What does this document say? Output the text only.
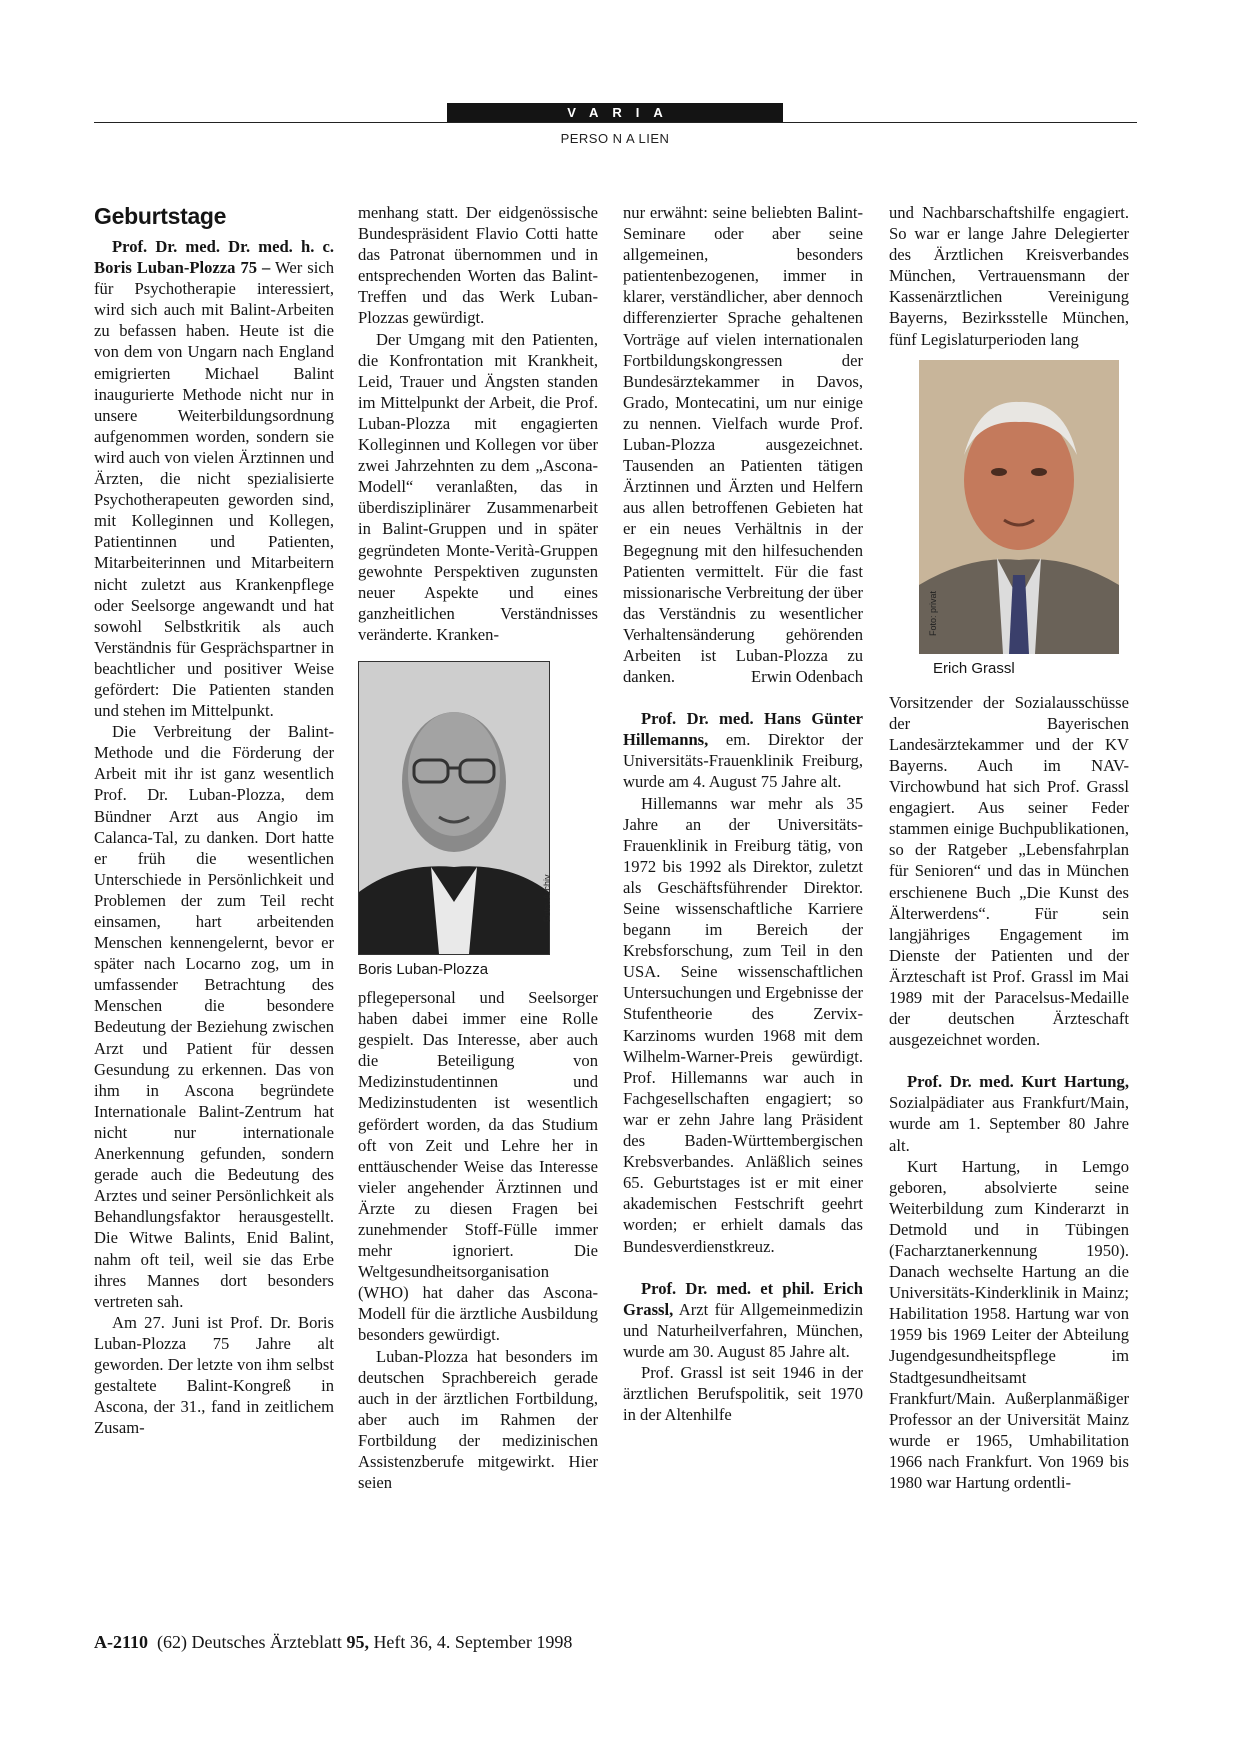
VARIA
PERSO N A LIEN
Geburtstage

Prof. Dr. med. Dr. med. h. c. Boris Luban-Plozza 75 – Wer sich für Psychotherapie interessiert, wird sich auch mit Balint-Arbeiten zu befassen haben. Heute ist die von dem von Ungarn nach England emigrierten Michael Balint inaugurierte Methode nicht nur in unsere Weiterbildungsordnung aufgenommen worden, sondern sie wird auch von vielen Ärztinnen und Ärzten, die nicht spezialisierte Psychotherapeuten geworden sind, mit Kolleginnen und Kollegen, Patientinnen und Patienten, Mitarbeiterinnen und Mitarbeitern nicht zuletzt aus Krankenpflege oder Seelsorge angewandt und hat sowohl Selbstkritik als auch Verständnis für Gesprächspartner in beachtlicher und positiver Weise gefördert: Die Patienten standen und stehen im Mittelpunkt.

Die Verbreitung der Balint-Methode und die Förderung der Arbeit mit ihr ist ganz wesentlich Prof. Dr. Luban-Plozza, dem Bündner Arzt aus Angio im Calanca-Tal, zu danken. Dort hatte er früh die wesentlichen Unterschiede in Persönlichkeit und Problemen der zum Teil recht einsamen, hart arbeitenden Menschen kennengelernt, bevor er später nach Locarno zog, um in umfassender Betrachtung des Menschen die besondere Bedeutung der Beziehung zwischen Arzt und Patient für dessen Gesundung zu erkennen. Das von ihm in Ascona begründete Internationale Balint-Zentrum hat nicht nur internationale Anerkennung gefunden, sondern gerade auch die Bedeutung des Arztes und seiner Persönlichkeit als Behandlungsfaktor herausgestellt. Die Witwe Balints, Enid Balint, nahm oft teil, weil sie das Erbe ihres Mannes dort besonders vertreten sah.

Am 27. Juni ist Prof. Dr. Boris Luban-Plozza 75 Jahre alt geworden. Der letzte von ihm selbst gestaltete Balint-Kongreß in Ascona, der 31., fand in zeitlichem Zusam-

menhang statt. Der eidgenössische Bundespräsident Flavio Cotti hatte das Patronat übernommen und in entsprechenden Worten das Balint-Treffen und das Werk Luban-Plozzas gewürdigt.

Der Umgang mit den Patienten, die Konfrontation mit Krankheit, Leid, Trauer und Ängsten standen im Mittelpunkt der Arbeit, die Prof. Luban-Plozza mit engagierten Kolleginnen und Kollegen vor über zwei Jahrzehnten zu dem „Ascona-Modell“ veranlaßten, das in überdisziplinärer Zusammenarbeit in Balint-Gruppen und in später gegründeten Monte-Verità-Gruppen gewohnte Perspektiven zugunsten neuer Aspekte und eines ganzheitlichen Verständnisses veränderte. Kranken-

Foto: Archiv
Boris Luban-Plozza

pflegepersonal und Seelsorger haben dabei immer eine Rolle gespielt. Das Interesse, aber auch die Beteiligung von Medizinstudentinnen und Medizinstudenten ist wesentlich gefördert worden, da das Studium oft von Zeit und Lehre her in enttäuschender Weise das Interesse vieler angehender Ärztinnen und Ärzte zu diesen Fragen bei zunehmender Stoff-Fülle immer mehr ignoriert. Die Weltgesundheitsorganisation (WHO) hat daher das Ascona-Modell für die ärztliche Ausbildung besonders gewürdigt.

Luban-Plozza hat besonders im deutschen Sprachbereich gerade auch in der ärztlichen Fortbildung, aber auch im Rahmen der Fortbildung der medizinischen Assistenzberufe mitgewirkt. Hier seien

nur erwähnt: seine beliebten Balint-Seminare oder aber seine allgemeinen, besonders patientenbezogenen, immer in klarer, verständlicher, aber dennoch differenzierter Sprache gehaltenen Vorträge auf vielen internationalen Fortbildungskongressen der Bundesärztekammer in Davos, Grado, Montecatini, um nur einige zu nennen. Vielfach wurde Prof. Luban-Plozza ausgezeichnet. Tausenden an Patienten tätigen Ärztinnen und Ärzten und Helfern aus allen betroffenen Gebieten hat er ein neues Verhältnis in der Begegnung mit den hilfesuchenden Patienten vermittelt. Für die fast missionarische Verbreitung der über das Verständnis zu wesentlicher Verhaltensänderung gehörenden Arbeiten ist Luban-Plozza zu danken.	Erwin Odenbach

Prof. Dr. med. Hans Günter Hillemanns, em. Direktor der Universitäts-Frauenklinik Freiburg, wurde am 4. August 75 Jahre alt.

Hillemanns war mehr als 35 Jahre an der Universitäts-Frauenklinik in Freiburg tätig, von 1972 bis 1992 als Direktor, zuletzt als Geschäftsführender Direktor. Seine wissenschaftliche Karriere begann im Bereich der Krebsforschung, zum Teil in den USA. Seine wissenschaftlichen Untersuchungen und Ergebnisse der Stufentheorie des Zervix-Karzinoms wurden 1968 mit dem Wilhelm-Warner-Preis gewürdigt. Prof. Hillemanns war auch in Fachgesellschaften engagiert; so war er zehn Jahre lang Präsident des Baden-Württembergischen Krebsverbandes. Anläßlich seines 65. Geburtstages ist er mit einer akademischen Festschrift geehrt worden; er erhielt damals das Bundesverdienstkreuz.

Prof. Dr. med. et phil. Erich Grassl, Arzt für Allgemeinmedizin und Naturheilverfahren, München, wurde am 30. August 85 Jahre alt.

Prof. Grassl ist seit 1946 in der ärztlichen Berufspolitik, seit 1970 in der Altenhilfe

und Nachbarschaftshilfe engagiert. So war er lange Jahre Delegierter des Ärztlichen Kreisverbandes München, Vertrauensmann der Kassenärztlichen Vereinigung Bayerns, Bezirksstelle München, fünf Legislaturperioden lang

Foto: privat
Erich Grassl

Vorsitzender der Sozialausschüsse der Bayerischen Landesärztekammer und der KV Bayerns. Auch im NAV-Virchowbund hat sich Prof. Grassl engagiert. Aus seiner Feder stammen einige Buchpublikationen, so der Ratgeber „Lebensfahrplan für Senioren“ und das in München erschienene Buch „Die Kunst des Älterwerdens“. Für sein langjähriges Engagement im Dienste der Patienten und der Ärzteschaft ist Prof. Grassl im Mai 1989 mit der Paracelsus-Medaille der deutschen Ärzteschaft ausgezeichnet worden.

Prof. Dr. med. Kurt Hartung, Sozialpädiater aus Frankfurt/Main, wurde am 1. September 80 Jahre alt.

Kurt Hartung, in Lemgo geboren, absolvierte seine Weiterbildung zum Kinderarzt in Detmold und in Tübingen (Facharztanerkennung 1950). Danach wechselte Hartung an die Universitäts-Kinderklinik in Mainz; Habilitation 1958. Hartung war von 1959 bis 1969 Leiter der Abteilung Jugendgesundheitspflege im Stadtgesundheitsamt Frankfurt/Main. Außerplanmäßiger Professor an der Universität Mainz wurde er 1965, Umhabilitation 1966 nach Frankfurt. Von 1969 bis 1980 war Hartung ordentli-

A-2110 (62) Deutsches Ärzteblatt 95, Heft 36, 4. September 1998
